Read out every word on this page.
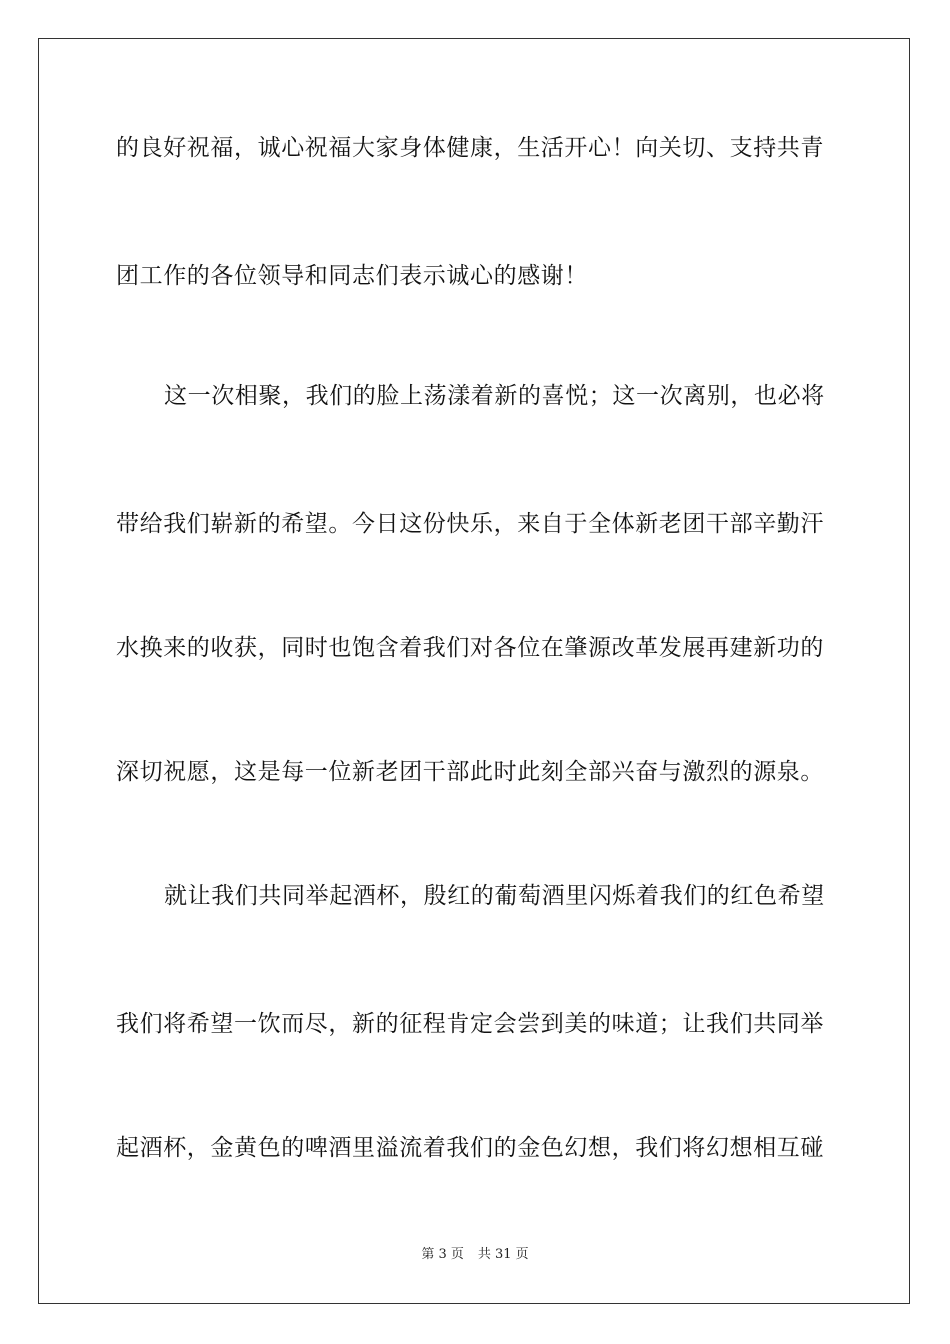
的良好祝福，诚心祝福大家身体健康，生活开心！向关切、支持共青
团工作的各位领导和同志们表示诚心的感谢！
这一次相聚，我们的脸上荡漾着新的喜悦；这一次离别，也必将
带给我们崭新的希望。今日这份快乐，来自于全体新老团干部辛勤汗
水换来的收获，同时也饱含着我们对各位在肇源改革发展再建新功的
深切祝愿，这是每一位新老团干部此时此刻全部兴奋与激烈的源泉。
就让我们共同举起酒杯，殷红的葡萄酒里闪烁着我们的红色希望
我们将希望一饮而尽，新的征程肯定会尝到美的味道；让我们共同举
起酒杯，金黄色的啤酒里溢流着我们的金色幻想，我们将幻想相互碰
第 3 页 共 31 页
